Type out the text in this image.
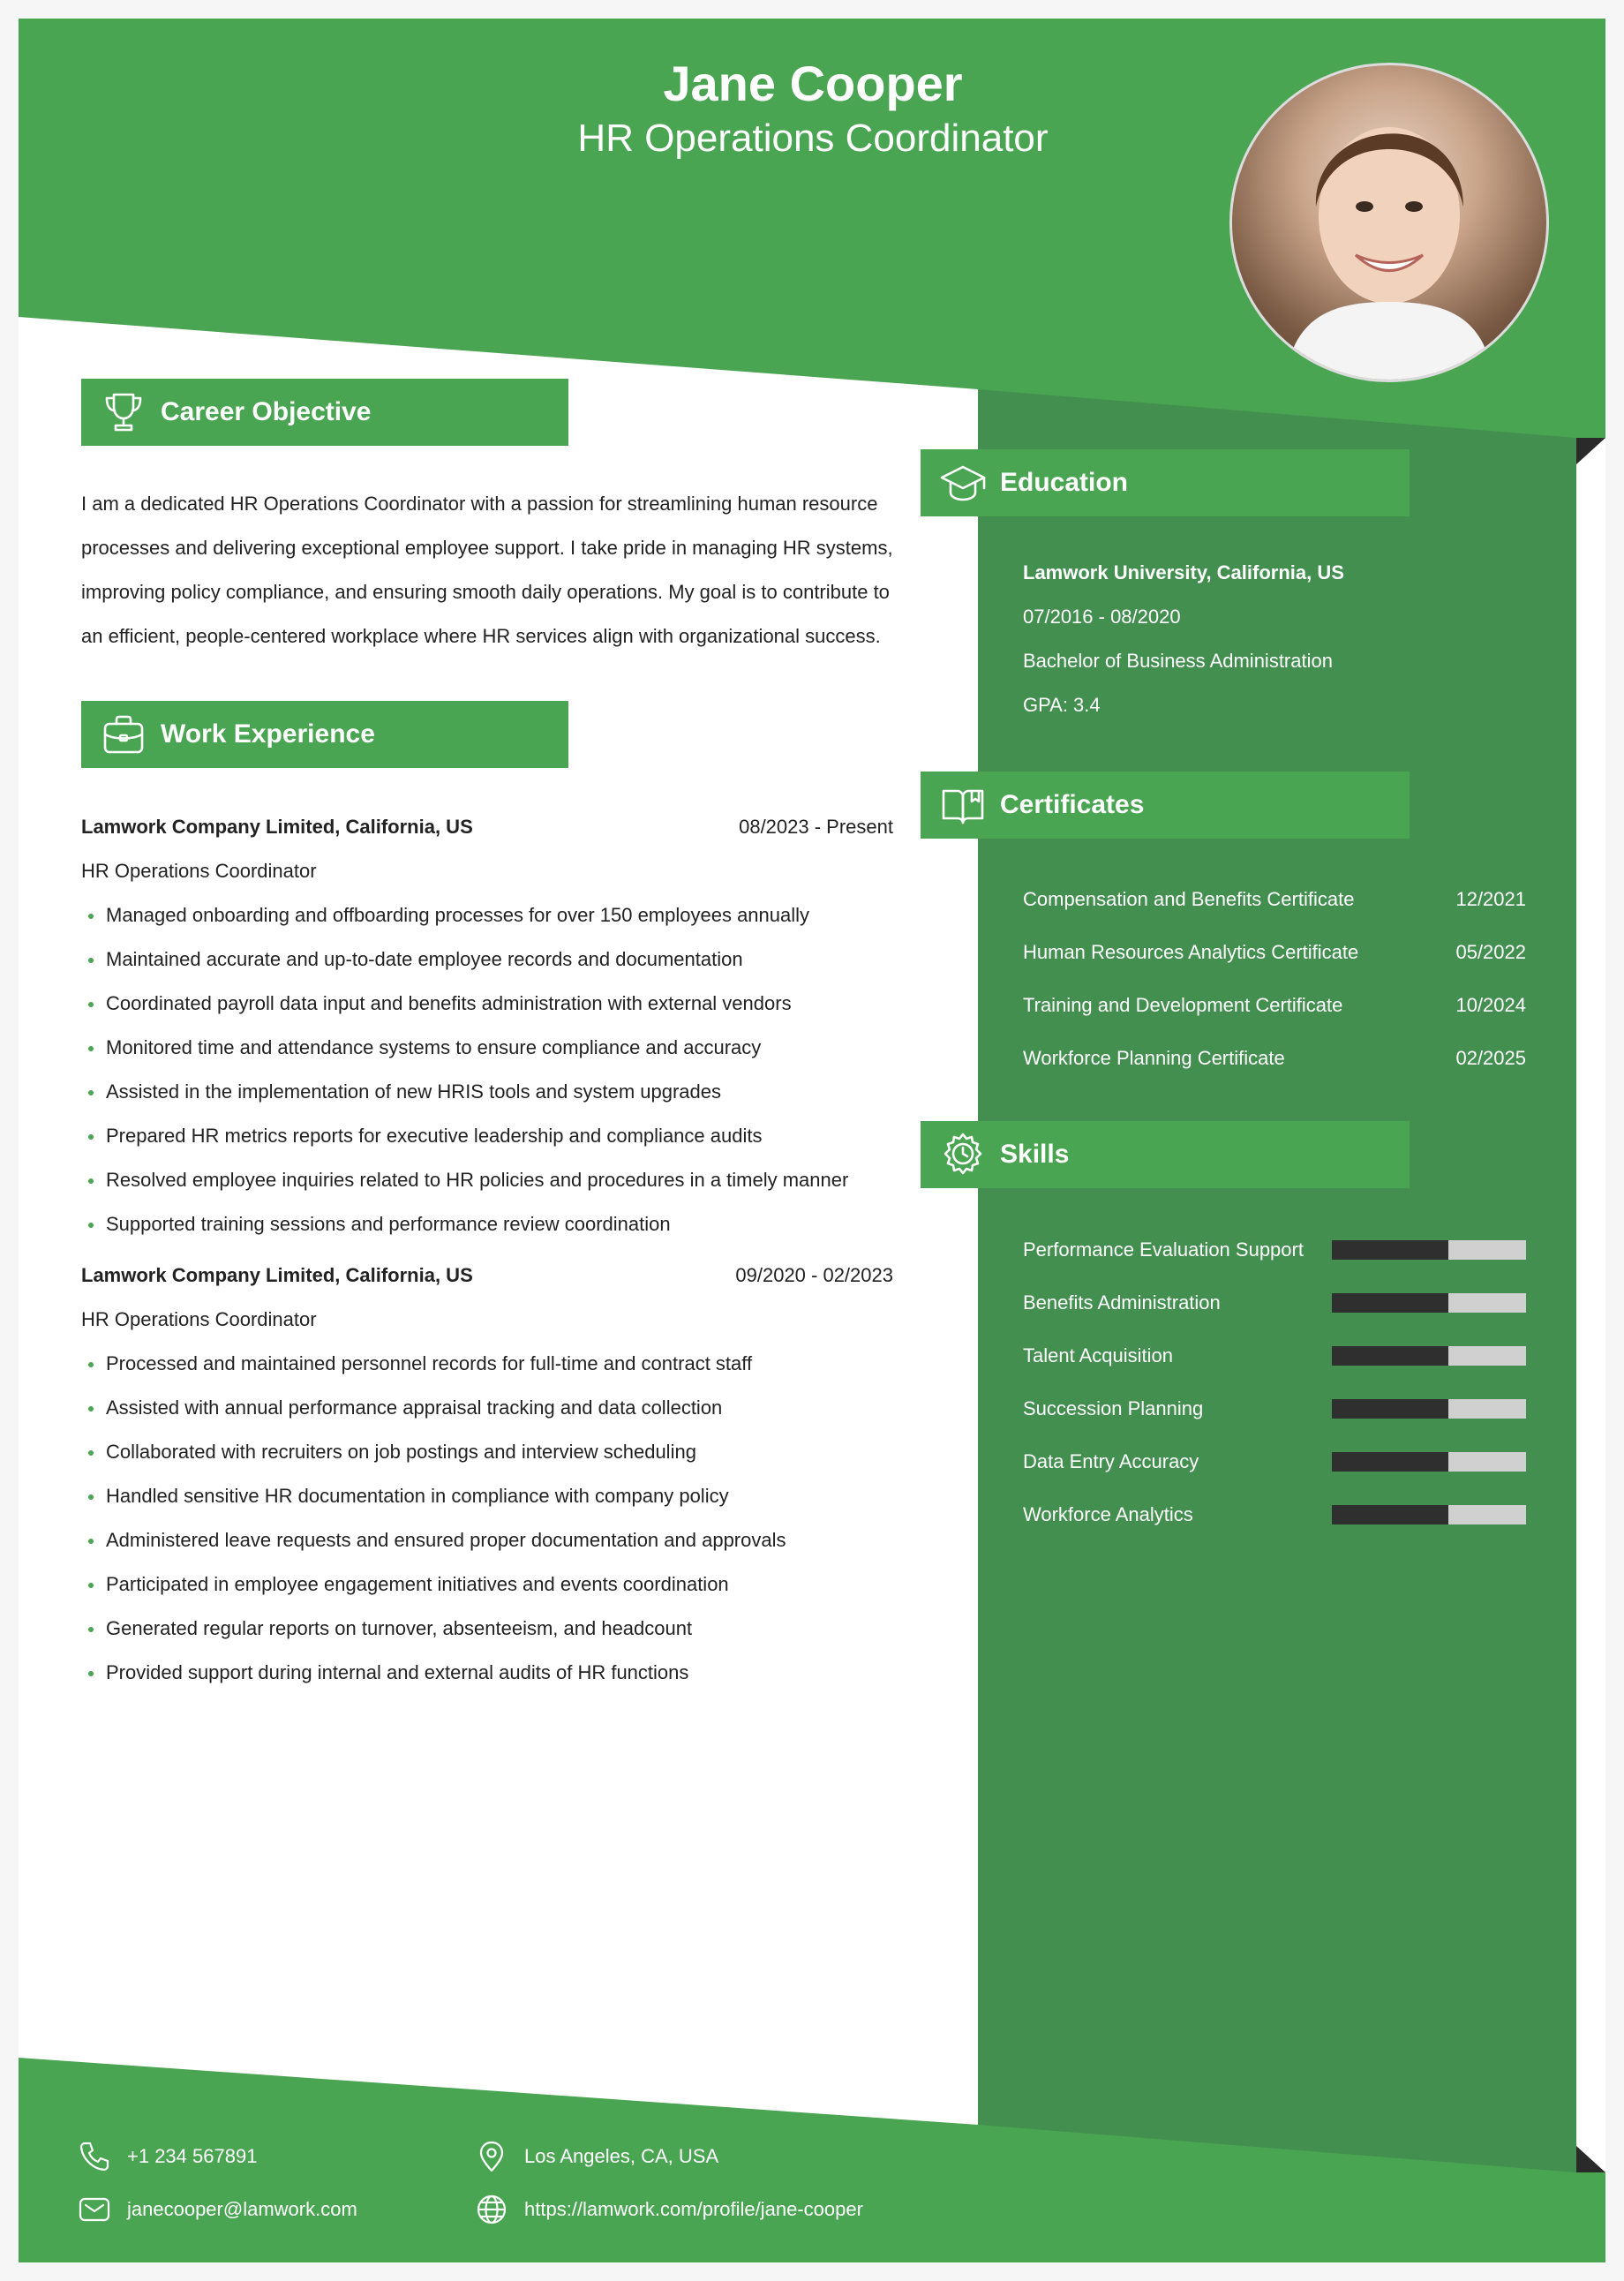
Jane Cooper
HR Operations Coordinator
Career Objective
I am a dedicated HR Operations Coordinator with a passion for streamlining human resource
processes and delivering exceptional employee support. I take pride in managing HR systems,
improving policy compliance, and ensuring smooth daily operations. My goal is to contribute to
an efficient, people-centered workplace where HR services align with organizational success.
Work Experience
Lamwork Company Limited, California, US	08/2023 - Present
HR Operations Coordinator
Managed onboarding and offboarding processes for over 150 employees annually
Maintained accurate and up-to-date employee records and documentation
Coordinated payroll data input and benefits administration with external vendors
Monitored time and attendance systems to ensure compliance and accuracy
Assisted in the implementation of new HRIS tools and system upgrades
Prepared HR metrics reports for executive leadership and compliance audits
Resolved employee inquiries related to HR policies and procedures in a timely manner
Supported training sessions and performance review coordination
Lamwork Company Limited, California, US	09/2020 - 02/2023
HR Operations Coordinator
Processed and maintained personnel records for full-time and contract staff
Assisted with annual performance appraisal tracking and data collection
Collaborated with recruiters on job postings and interview scheduling
Handled sensitive HR documentation in compliance with company policy
Administered leave requests and ensured proper documentation and approvals
Participated in employee engagement initiatives and events coordination
Generated regular reports on turnover, absenteeism, and headcount
Provided support during internal and external audits of HR functions
Education
Lamwork University, California, US
07/2016 - 08/2020
Bachelor of Business Administration
GPA: 3.4
Certificates
Compensation and Benefits Certificate	12/2021
Human Resources Analytics Certificate	05/2022
Training and Development Certificate	10/2024
Workforce Planning Certificate	02/2025
Skills
Performance Evaluation Support
Benefits Administration
Talent Acquisition
Succession Planning
Data Entry Accuracy
Workforce Analytics
+1 234 567891
janecooper@lamwork.com
Los Angeles, CA, USA
https://lamwork.com/profile/jane-cooper
